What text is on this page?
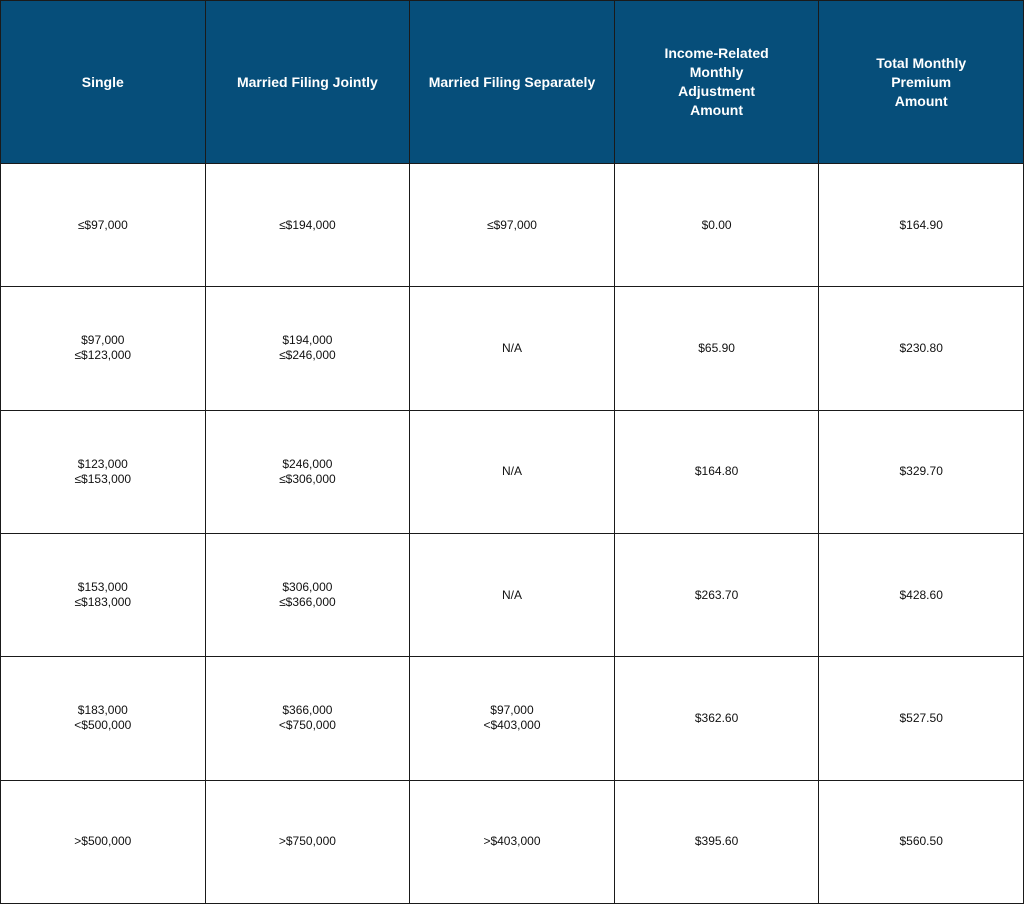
Single	Married Filing Jointly	Married Filing Separately	Income-Related
Monthly
Adjustment
Amount	Total Monthly
Premium
Amount

≤$97,000	≤$194,000	≤$97,000	$0.00	$164.90

$97,000
≤$123,000	$194,000
≤$246,000	N/A	$65.90	$230.80

$123,000
≤$153,000	$246,000
≤$306,000	N/A	$164.80	$329.70

$153,000
≤$183,000	$306,000
≤$366,000	N/A	$263.70	$428.60

$183,000
<$500,000	$366,000
<$750,000	$97,000
<$403,000	$362.60	$527.50

>$500,000	>$750,000	>$403,000	$395.60	$560.50
